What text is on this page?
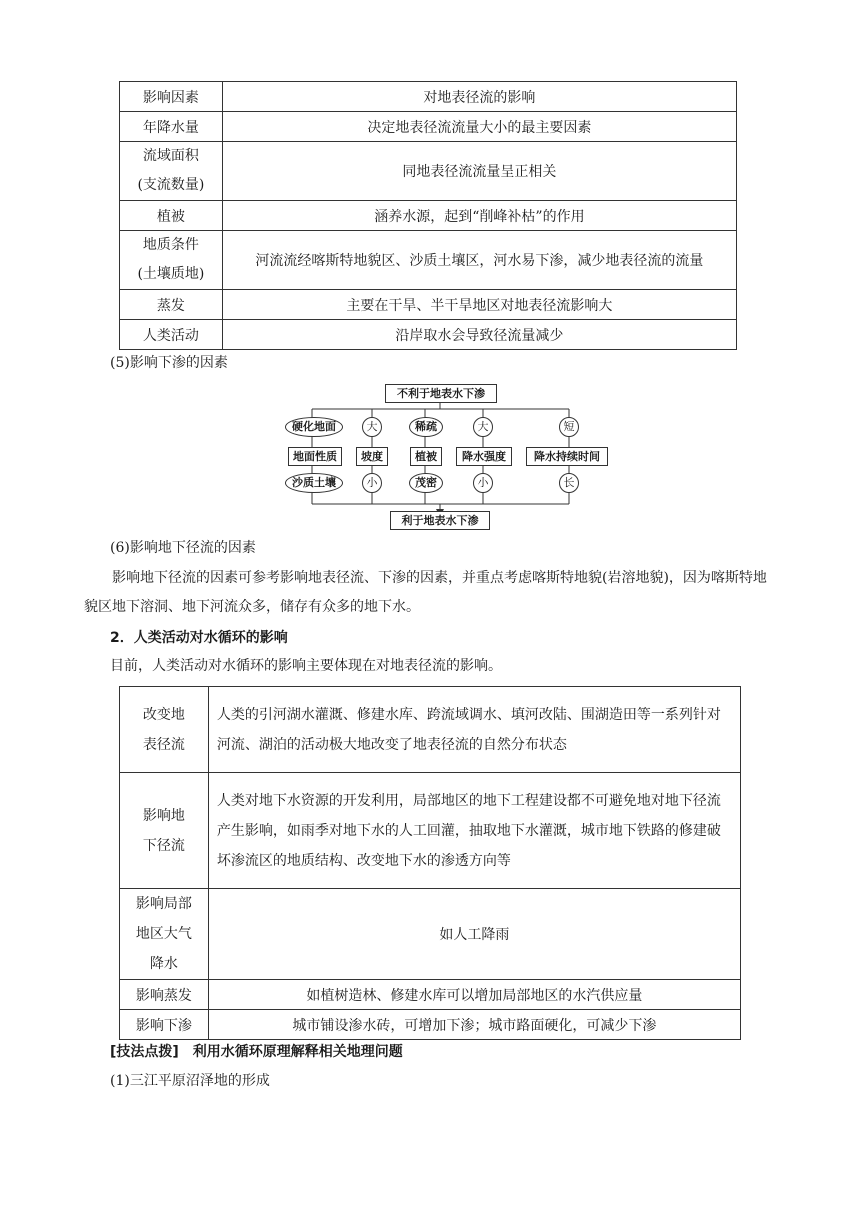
影响因素	对地表径流的影响
年降水量	决定地表径流流量大小的最主要因素

流域面积
(支流数量)	同地表径流流量呈正相关
植被	涵养水源，起到“削峰补枯”的作用

地质条件
(土壤质地)	河流流经喀斯特地貌区、沙质土壤区，河水易下渗，减少地表径流的流量
蒸发	主要在干旱、半干旱地区对地表径流影响大
人类活动	沿岸取水会导致径流量减少
(5)影响下渗的因素
不利于地表水下渗
利于地表水下渗
硬化地面
地面性质
沙质土壤
大
坡度
小
稀疏
植被
茂密
大
降水强度
小
短
降水持续时间
长
(6)影响地下径流的因素
影响地下径流的因素可参考影响地表径流、下渗的因素，并重点考虑喀斯特地貌(岩溶地貌)，因为喀斯特地貌区地下溶洞、地下河流众多，储存有众多的地下水。
2．人类活动对水循环的影响
目前，人类活动对水循环的影响主要体现在对地表径流的影响。
改变地
表径流	人类的引河湖水灌溉、修建水库、跨流域调水、填河改陆、围湖造田等一系列针对河流、湖泊的活动极大地改变了地表径流的自然分布状态

影响地
下径流	人类对地下水资源的开发利用，局部地区的地下工程建设都不可避免地对地下径流产生影响，如雨季对地下水的人工回灌，抽取地下水灌溉，城市地下铁路的修建破坏渗流区的地质结构、改变地下水的渗透方向等

影响局部
地区大气
降水	如人工降雨
影响蒸发	如植树造林、修建水库可以增加局部地区的水汽供应量
影响下渗	城市铺设渗水砖，可增加下渗；城市路面硬化，可减少下渗
[技法点拨]　利用水循环原理解释相关地理问题
(1)三江平原沼泽地的形成
